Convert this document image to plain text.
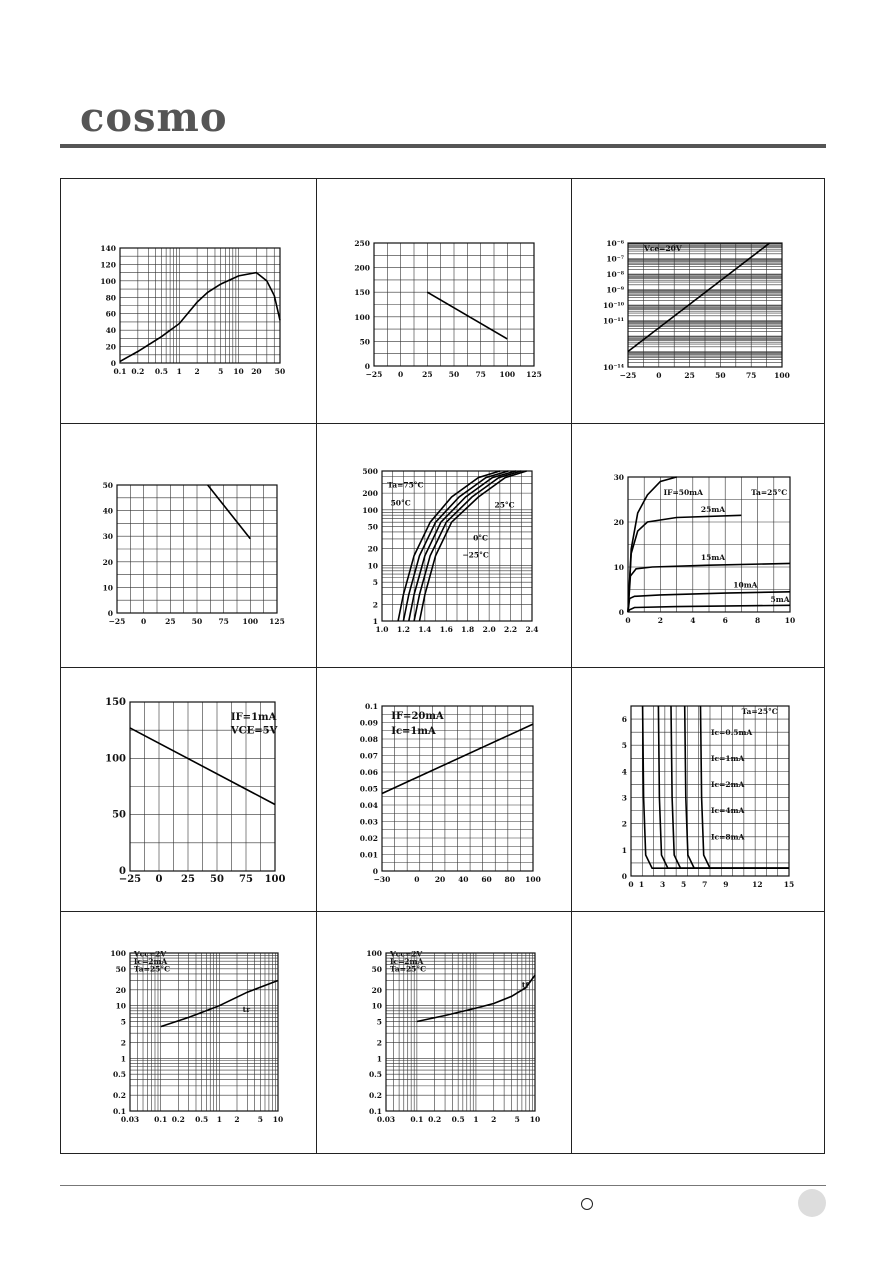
cosmo
0.1 0.2 0.5 1 2 5 10 20 50
0
20
40
60
80
100
120
140
−25 0	25 50 75 100 125
0
50
100
150
200
250
−25	0	25	50	75 100
10⁻¹⁴
10⁻¹¹
10⁻¹⁰
10⁻⁹
10⁻⁸
10⁻⁷
10⁻⁶
Vce=20V
−25 0	25 50 75 100 125
0
10
20
30
40
50
1.0 1.2 1.4 1.6 1.8 2.0 2.2 2.4
1
2
5
10
20
50
100
200
500
Ta=75°C
50°C	25°C
0°C
−25°C
0	2	4	6	8	10
0
10
20
30
IF=50mA	Ta=25°C
25mA
15mA
10mA
5mA
−25 0 25 50 75 100
0
50
100
150
IF=1mA
VCE=5V
−30	0 20 40 60 80 100
0
0.01
0.02
0.03
0.04
0.05
0.06
0.07
0.08
0.09
0.1
IF=20mA
Ic=1mA
0 1 3 5 7 9	12	15
0
1
2
3
4
5
6
Ta=25°C
Ic=0.5mA
Ic=1mA
Ic=2mA
Ic=4mA
Ic=8mA
0.03 0.1 0.2 0.5 1 2 5 10
0.1
0.2
0.5
1
2
5
10
20
50
100 Vcc=2V
Ic=2mA
Ta=25°C
tr
0.03 0.1 0.2 0.5 1 2 5 10
0.1
0.2
0.5
1
2
5
10
20
50
100 Vcc=2V
Ic=2mA
Ta=25°C
tf
